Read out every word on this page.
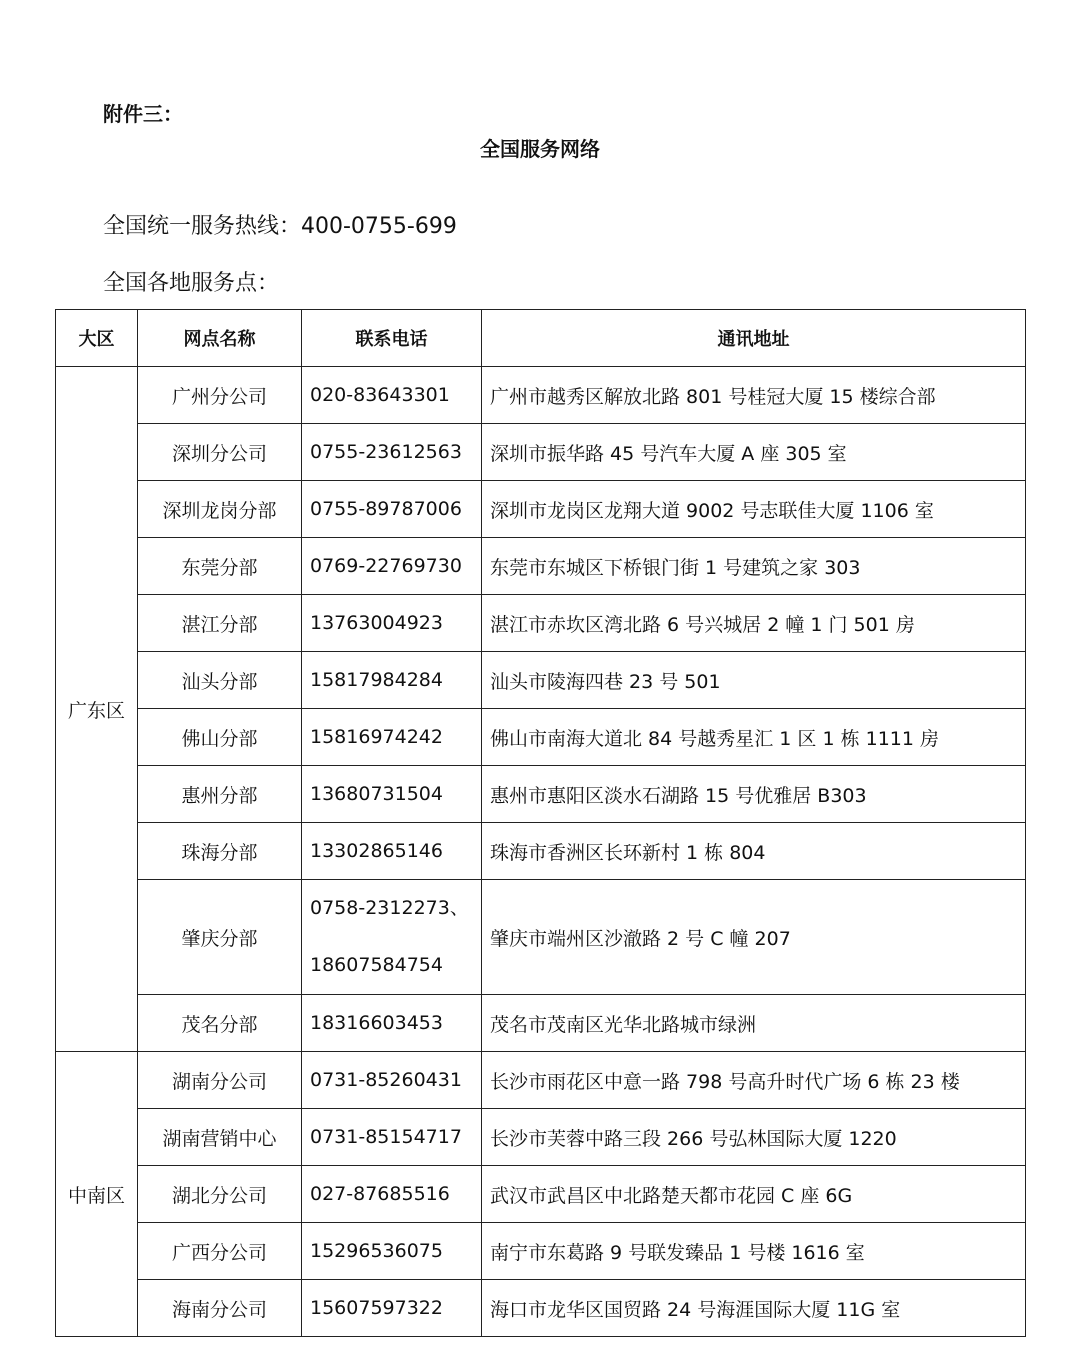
附件三：

全国服务网络

全国统一服务热线：400-0755-699

全国各地服务点：

大区	网点名称	联系电话	通讯地址
广东区	广州分公司	020-83643301	广州市越秀区解放北路 801 号桂冠大厦 15 楼综合部
	深圳分公司	0755-23612563	深圳市振华路 45 号汽车大厦 A 座 305 室
	深圳龙岗分部	0755-89787006	深圳市龙岗区龙翔大道 9002 号志联佳大厦 1106 室
	东莞分部	0769-22769730	东莞市东城区下桥银门街 1 号建筑之家 303
	湛江分部	13763004923	湛江市赤坎区湾北路 6 号兴城居 2 幢 1 门 501 房
	汕头分部	15817984284	汕头市陵海四巷 23 号 501
	佛山分部	15816974242	佛山市南海大道北 84 号越秀星汇 1 区 1 栋 1111 房
	惠州分部	13680731504	惠州市惠阳区淡水石湖路 15 号优雅居 B303
	珠海分部	13302865146	珠海市香洲区长环新村 1 栋 804
	肇庆分部	0758-2312273、
18607584754	肇庆市端州区沙澈路 2 号 C 幢 207
	茂名分部	18316603453	茂名市茂南区光华北路城市绿洲
中南区	湖南分公司	0731-85260431	长沙市雨花区中意一路 798 号高升时代广场 6 栋 23 楼
	湖南营销中心	0731-85154717	长沙市芙蓉中路三段 266 号弘林国际大厦 1220
	湖北分公司	027-87685516	武汉市武昌区中北路楚天都市花园 C 座 6G
	广西分公司	15296536075	南宁市东葛路 9 号联发臻品 1 号楼 1616 室
	海南分公司	15607597322	海口市龙华区国贸路 24 号海涯国际大厦 11G 室
